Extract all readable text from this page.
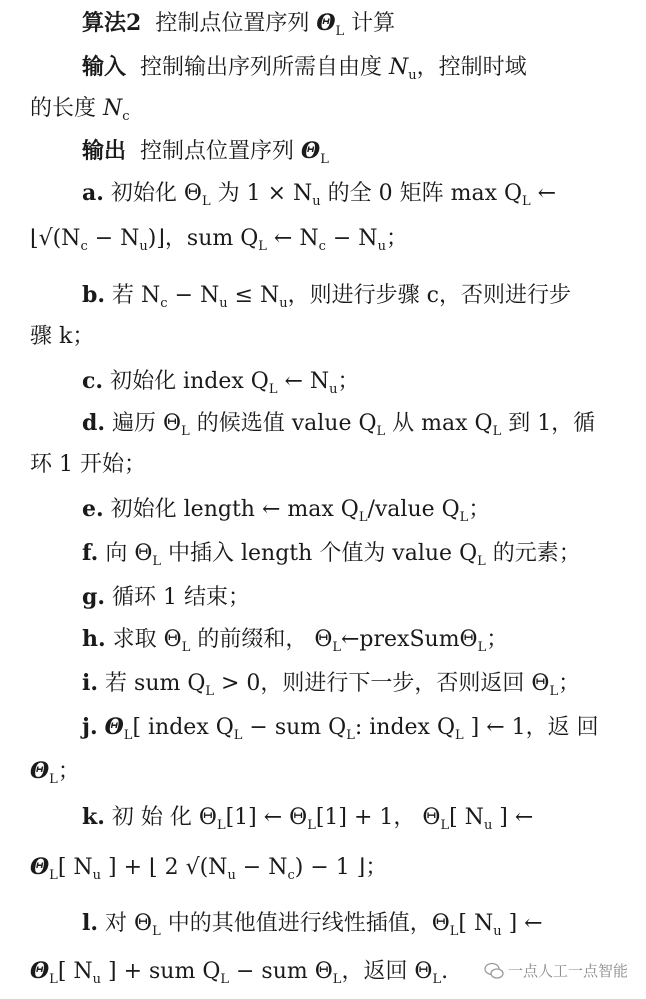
算法2 控制点位置序列 $\Theta_L$ 计算
输入 控制输出序列所需自由度 $N_u$，控制时域
的长度 $N_c$
输出 控制点位置序列 $\Theta_L$
a. 初始化 $\Theta_L$ 为 $1 \times N_u$ 的全 0 矩阵 $\max Q_L$ ←
$⌊√(N_c$ − $N_u)⌋$，sum $Q_L$ ← $N_c - N_u$；
b. 若 $N_c - N_u \le N_u$，则进行步骤 c，否则进行步
骤 k；
c. 初始化 index $Q_L$ ← $N_u$；
d. 遍历 $\Theta_L$ 的候选值 value $Q_L$ 从 $\max Q_L$ 到 1，循
环 1 开始；
e. 初始化 length ← $\max Q_L$/value $Q_L$；
f. 向 $\Theta_L$ 中插入 length 个值为 value $Q_L$ 的元素；
g. 循环 1 结束；
h. 求取 $\Theta_L$ 的前缀和， $\Theta_L\leftarrow prexSum\Theta_L$；
i. 若 sum $Q_L > 0$，则进行下一步，否则返回 $\Theta_L$；
j. $\Theta_L$[ index $Q_L$ − sum $Q_L$: index $Q_L$ ] ← 1，返 回
$\Theta_L$；
k. 初 始 化 $\Theta_L[1]$ ← $\Theta_L[1] + 1$， $\Theta_L$[ $N_u$ ] ←
$\Theta_L$[ $N_u$ ] + ⌊ 2 $√(N_u - N_c) - 1$ ⌋；
l. 对 $\Theta_L$ 中的其他值进行线性插值，$\Theta_L$[ $N_u$ ] ←
$\Theta_L$[ $N_u$ ] + sum $Q_L$ − sum $\Theta_L$，返回 $\Theta_L$.	一点人工一点智能
